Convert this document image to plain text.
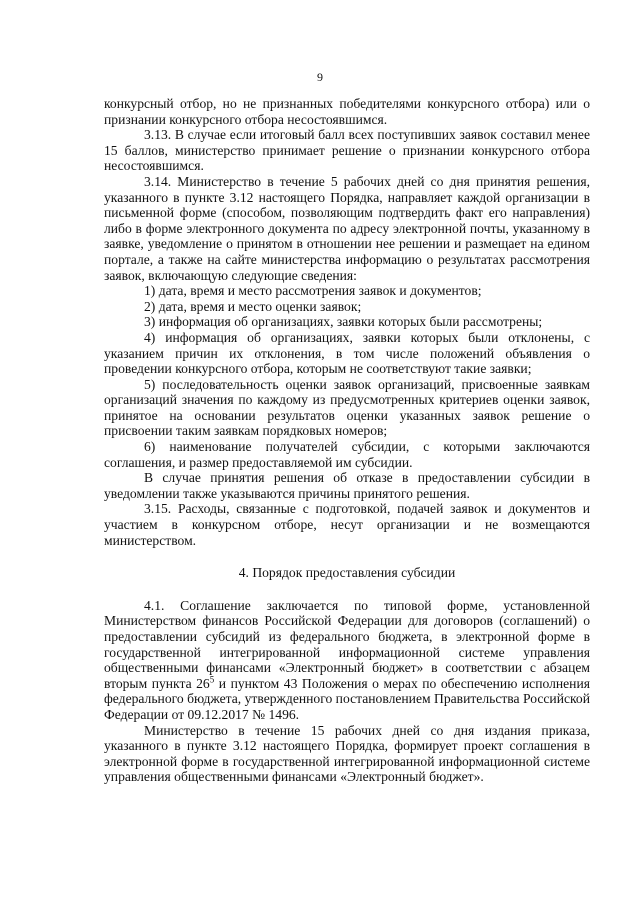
9

конкурсный отбор, но не признанных победителями конкурсного отбора) или о признании конкурсного отбора несостоявшимся.

3.13. В случае если итоговый балл всех поступивших заявок составил менее 15 баллов, министерство принимает решение о признании конкурсного отбора несостоявшимся.

3.14. Министерство в течение 5 рабочих дней со дня принятия решения, указанного в пункте 3.12 настоящего Порядка, направляет каждой организации в письменной форме (способом, позволяющим подтвердить факт его направления) либо в форме электронного документа по адресу электронной почты, указанному в заявке, уведомление о принятом в отношении нее решении и размещает на едином портале, а также на сайте министерства информацию о результатах рассмотрения заявок, включающую следующие сведения:

1) дата, время и место рассмотрения заявок и документов;

2) дата, время и место оценки заявок;

3) информация об организациях, заявки которых были рассмотрены;

4) информация об организациях, заявки которых были отклонены, с указанием причин их отклонения, в том числе положений объявления о проведении конкурсного отбора, которым не соответствуют такие заявки;

5) последовательность оценки заявок организаций, присвоенные заявкам организаций значения по каждому из предусмотренных критериев оценки заявок, принятое на основании результатов оценки указанных заявок решение о присвоении таким заявкам порядковых номеров;

6) наименование получателей субсидии, с которыми заключаются соглашения, и размер предоставляемой им субсидии.

В случае принятия решения об отказе в предоставлении субсидии в уведомлении также указываются причины принятого решения.

3.15. Расходы, связанные с подготовкой, подачей заявок и документов и участием в конкурсном отборе, несут организации и не возмещаются министерством.

4. Порядок предоставления субсидии

4.1. Соглашение заключается по типовой форме, установленной Министерством финансов Российской Федерации для договоров (соглашений) о предоставлении субсидий из федерального бюджета, в электронной форме в государственной интегрированной информационной системе управления общественными финансами «Электронный бюджет» в соответствии с абзацем вторым пункта $26^5$ и пунктом 43 Положения о мерах по обеспечению исполнения федерального бюджета, утвержденного постановлением Правительства Российской Федерации от 09.12.2017 № 1496.

Министерство в течение 15 рабочих дней со дня издания приказа, указанного в пункте 3.12 настоящего Порядка, формирует проект соглашения в электронной форме в государственной интегрированной информационной системе управления общественными финансами «Электронный бюджет».
